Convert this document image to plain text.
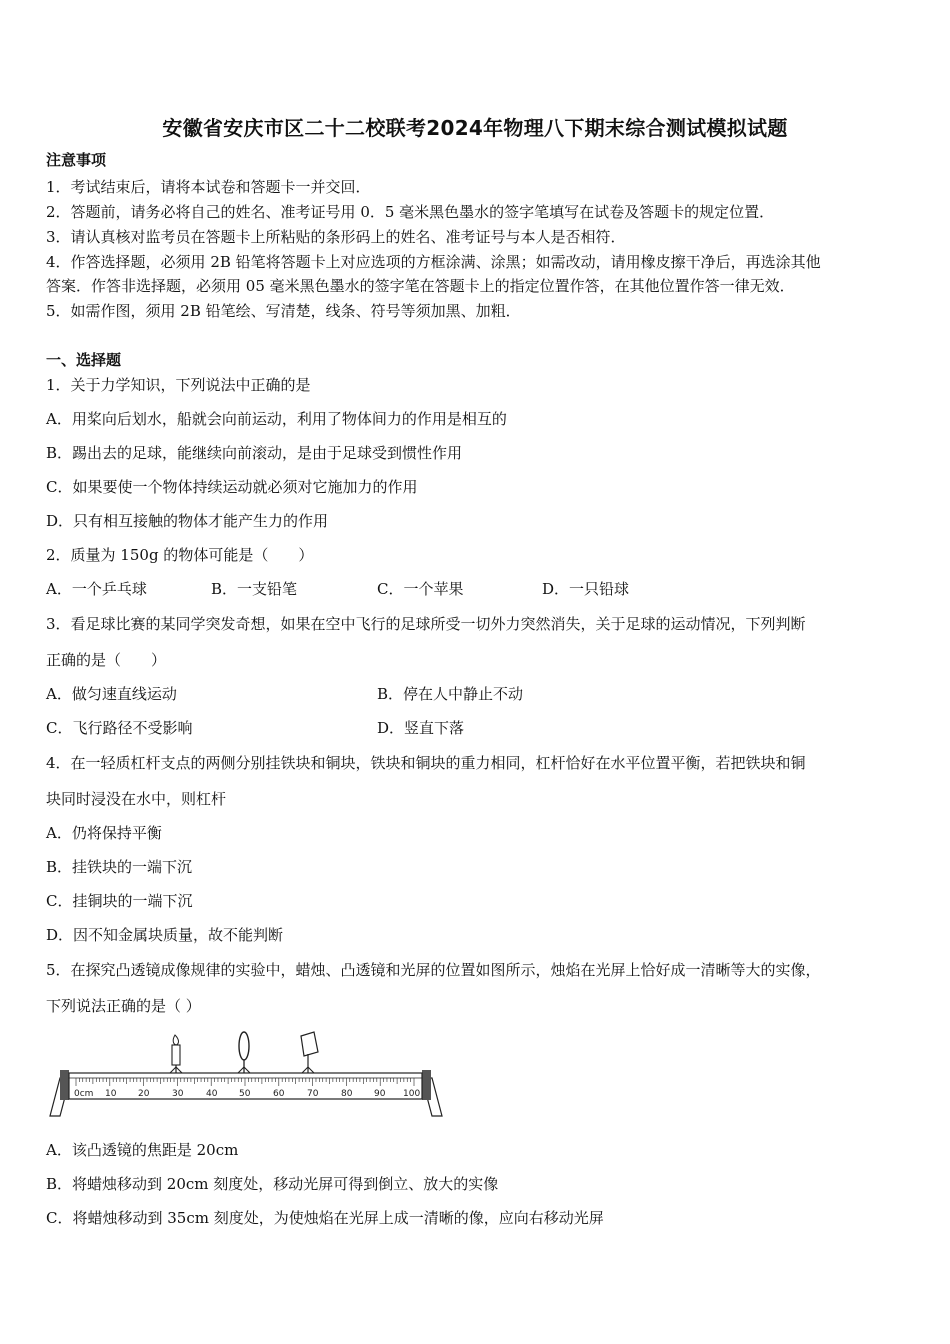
安徽省安庆市区二十二校联考2024年物理八下期末综合测试模拟试题
注意事项
1．考试结束后，请将本试卷和答题卡一并交回．
2．答题前，请务必将自己的姓名、准考证号用 0．5 毫米黑色墨水的签字笔填写在试卷及答题卡的规定位置．
3．请认真核对监考员在答题卡上所粘贴的条形码上的姓名、准考证号与本人是否相符．
4．作答选择题，必须用 2B 铅笔将答题卡上对应选项的方框涂满、涂黑；如需改动，请用橡皮擦干净后，再选涂其他
答案．作答非选择题，必须用 05 毫米黑色墨水的签字笔在答题卡上的指定位置作答，在其他位置作答一律无效．
5．如需作图，须用 2B 铅笔绘、写清楚，线条、符号等须加黑、加粗．
一、选择题
1．关于力学知识，下列说法中正确的是
A．用桨向后划水，船就会向前运动，利用了物体间力的作用是相互的
B．踢出去的足球，能继续向前滚动，是由于足球受到惯性作用
C．如果要使一个物体持续运动就必须对它施加力的作用
D．只有相互接触的物体才能产生力的作用
2．质量为 150g 的物体可能是（　　）
A．一个乒乓球	B．一支铅笔	C．一个苹果	D．一只铅球
3．看足球比赛的某同学突发奇想，如果在空中飞行的足球所受一切外力突然消失，关于足球的运动情况，下列判断
正确的是（　　）
A．做匀速直线运动	B．停在人中静止不动
C．飞行路径不受影响	D．竖直下落
4．在一轻质杠杆支点的两侧分别挂铁块和铜块，铁块和铜块的重力相同，杠杆恰好在水平位置平衡，若把铁块和铜
块同时浸没在水中，则杠杆
A．仍将保持平衡
B．挂铁块的一端下沉
C．挂铜块的一端下沉
D．因不知金属块质量，故不能判断
5．在探究凸透镜成像规律的实验中，蜡烛、凸透镜和光屏的位置如图所示，烛焰在光屏上恰好成一清晰等大的实像，
下列说法正确的是（ ）
0cm 10 20	30	40 50	60	70	80 90 100
A．该凸透镜的焦距是 20cm
B．将蜡烛移动到 20cm 刻度处，移动光屏可得到倒立、放大的实像
C．将蜡烛移动到 35cm 刻度处，为使烛焰在光屏上成一清晰的像，应向右移动光屏
